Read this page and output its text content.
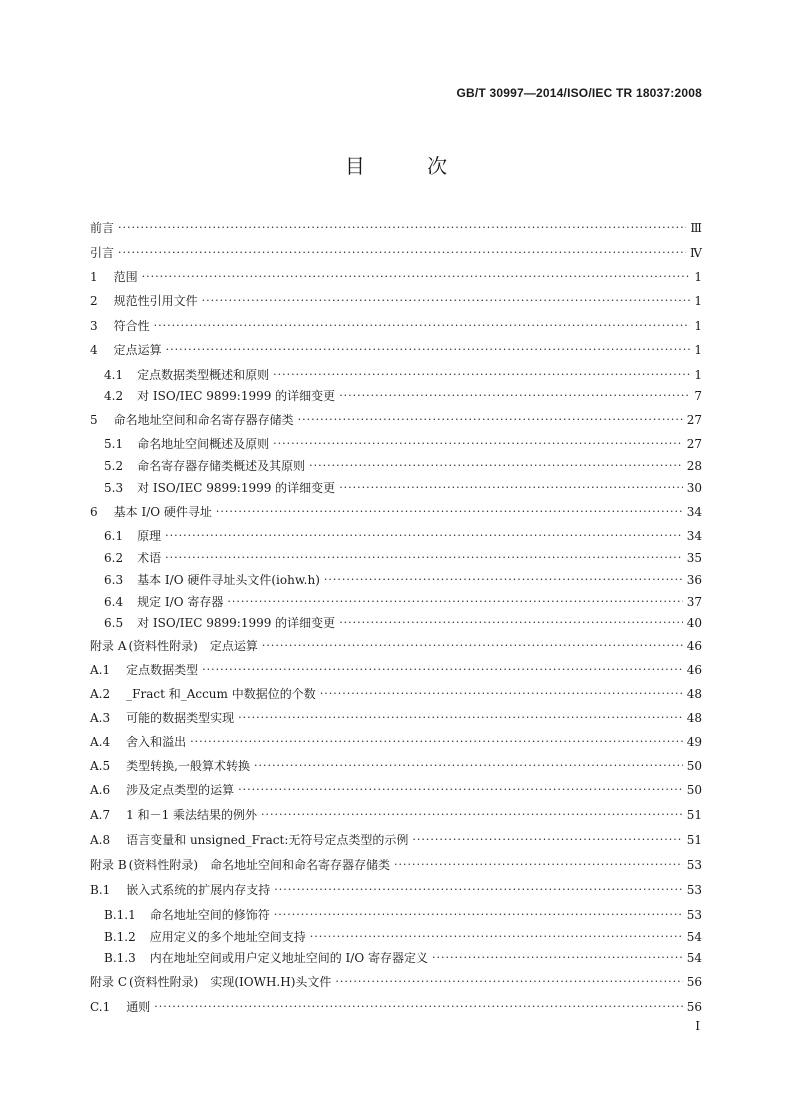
GB/T 30997—2014/ISO/IEC TR 18037:2008
目 次
前言 ·····	Ⅲ
引言 ·····	Ⅳ
1 范围 ·····	1
2 规范性引用文件 ·····	1
3 符合性 ·····	1
4 定点运算 ·····	1
4.1 定点数据类型概述和原则 ·····	1
4.2 对 ISO/IEC 9899:1999 的详细变更 ·····	7
5 命名地址空间和命名寄存器存储类 ·····	27
5.1 命名地址空间概述及原则 ·····	27
5.2 命名寄存器存储类概述及其原则 ·····	28
5.3 对 ISO/IEC 9899:1999 的详细变更 ·····	30
6 基本 I/O 硬件寻址 ·····	34
6.1 原理 ·····	34
6.2 术语 ·····	35
6.3 基本 I/O 硬件寻址头文件(iohw.h) ·····	36
6.4 规定 I/O 寄存器 ·····	37
6.5 对 ISO/IEC 9899:1999 的详细变更 ·····	40
附录 A (资料性附录)　定点运算 ·····	46
A.1 定点数据类型 ·····	46
A.2 _Fract 和_Accum 中数据位的个数 ·····	48
A.3 可能的数据类型实现 ·····	48
A.4 舍入和溢出 ·····	49
A.5 类型转换,一般算术转换 ·····	50
A.6 涉及定点类型的运算 ·····	50
A.7 1 和－1 乘法结果的例外 ·····	51
A.8 语言变量和 unsigned_Fract:无符号定点类型的示例 ·····	51
附录 B (资料性附录)　命名地址空间和命名寄存器存储类 ·····	53
B.1 嵌入式系统的扩展内存支持 ·····	53
B.1.1 命名地址空间的修饰符 ·····	53
B.1.2 应用定义的多个地址空间支持 ·····	54
B.1.3 内在地址空间或用户定义地址空间的 I/O 寄存器定义 ·····	54
附录 C (资料性附录)　实现(IOWH.H)头文件 ·····	56
C.1 通则 ·····	56
I
